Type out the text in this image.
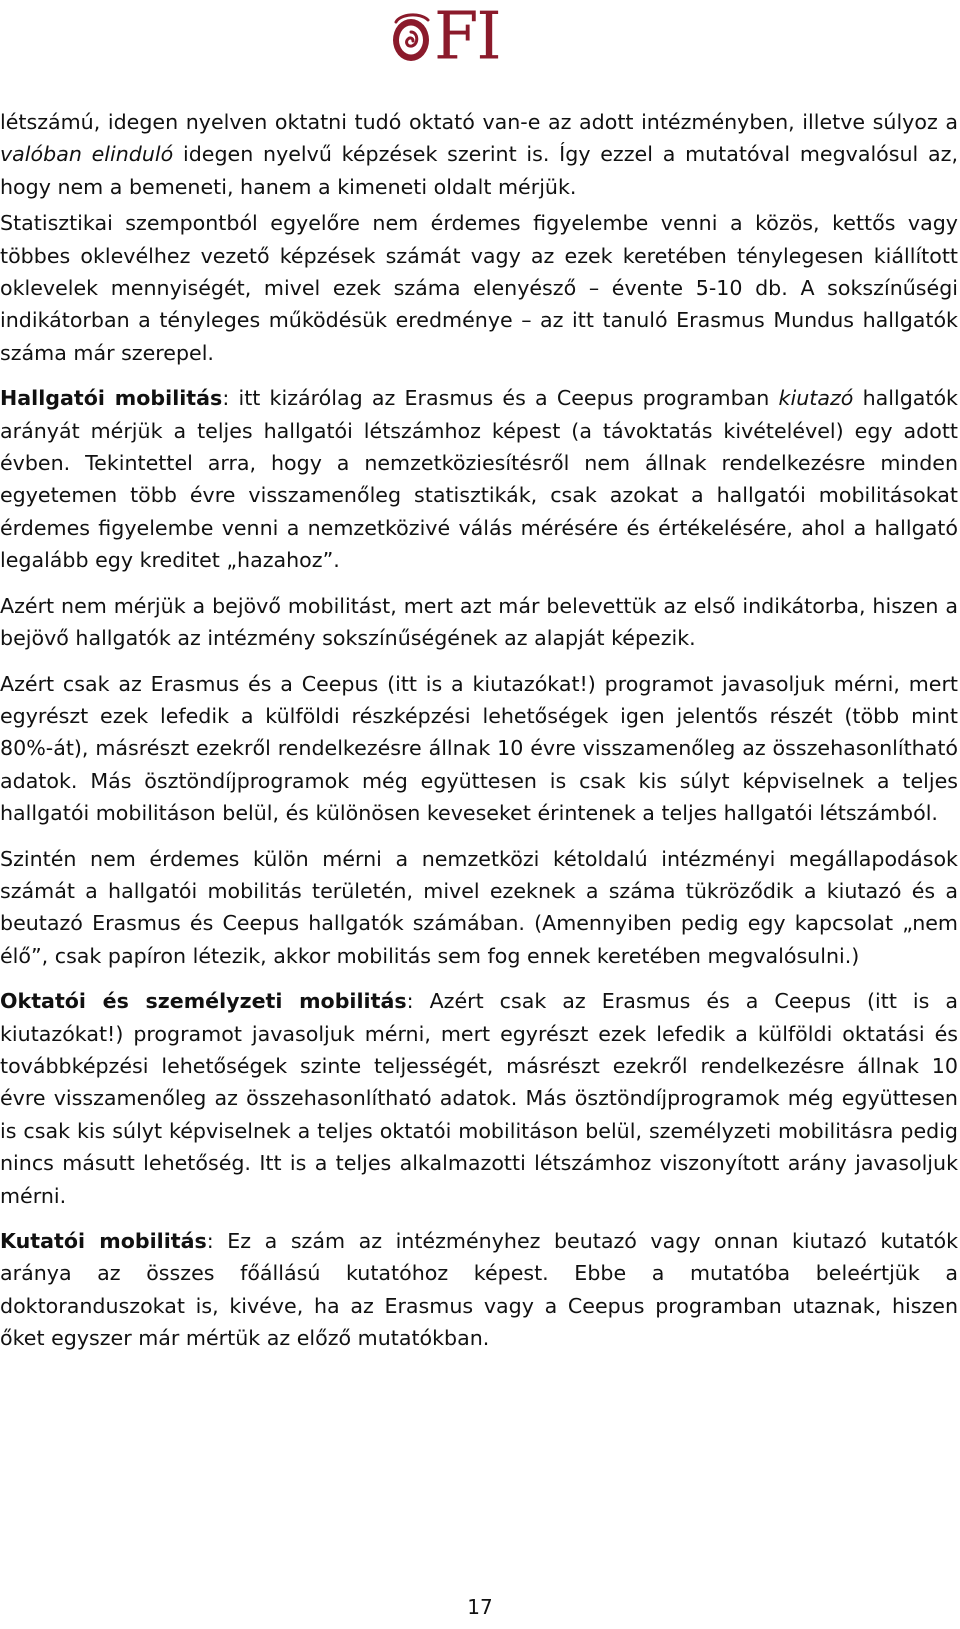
FI

létszámú, idegen nyelven oktatni tudó oktató van-e az adott intézményben, illetve súlyoz a valóban elinduló idegen nyelvű képzések szerint is. Így ezzel a mutatóval megvalósul az, hogy nem a bemeneti, hanem a kimeneti oldalt mérjük.

Statisztikai szempontból egyelőre nem érdemes figyelembe venni a közös, kettős vagy többes oklevélhez vezető képzések számát vagy az ezek keretében ténylegesen kiállított oklevelek mennyiségét, mivel ezek száma elenyésző – évente 5-10 db. A sokszínűségi indikátorban a tényleges működésük eredménye – az itt tanuló Erasmus Mundus hallgatók száma már szerepel.

Hallgatói mobilitás: itt kizárólag az Erasmus és a Ceepus programban kiutazó hallgatók arányát mérjük a teljes hallgatói létszámhoz képest (a távoktatás kivételével) egy adott évben. Tekintettel arra, hogy a nemzetköziesítésről nem állnak rendelkezésre minden egyetemen több évre visszamenőleg statisztikák, csak azokat a hallgatói mobilitásokat érdemes figyelembe venni a nemzetközivé válás mérésére és értékelésére, ahol a hallgató legalább egy kreditet „hazahoz”.

Azért nem mérjük a bejövő mobilitást, mert azt már belevettük az első indikátorba, hiszen a bejövő hallgatók az intézmény sokszínűségének az alapját képezik.

Azért csak az Erasmus és a Ceepus (itt is a kiutazókat!) programot javasoljuk mérni, mert egyrészt ezek lefedik a külföldi részképzési lehetőségek igen jelentős részét (több mint 80%-át), másrészt ezekről rendelkezésre állnak 10 évre visszamenőleg az összehasonlítható adatok. Más ösztöndíjprogramok még együttesen is csak kis súlyt képviselnek a teljes hallgatói mobilitáson belül, és különösen keveseket érintenek a teljes hallgatói létszámból.

Szintén nem érdemes külön mérni a nemzetközi kétoldalú intézményi megállapodások számát a hallgatói mobilitás területén, mivel ezeknek a száma tükröződik a kiutazó és a beutazó Erasmus és Ceepus hallgatók számában. (Amennyiben pedig egy kapcsolat „nem élő”, csak papíron létezik, akkor mobilitás sem fog ennek keretében megvalósulni.)

Oktatói és személyzeti mobilitás: Azért csak az Erasmus és a Ceepus (itt is a kiutazókat!) programot javasoljuk mérni, mert egyrészt ezek lefedik a külföldi oktatási és továbbképzési lehetőségek szinte teljességét, másrészt ezekről rendelkezésre állnak 10 évre visszamenőleg az összehasonlítható adatok. Más ösztöndíjprogramok még együttesen is csak kis súlyt képviselnek a teljes oktatói mobilitáson belül, személyzeti mobilitásra pedig nincs másutt lehetőség. Itt is a teljes alkalmazotti létszámhoz viszonyított arány javasoljuk mérni.

Kutatói mobilitás: Ez a szám az intézményhez beutazó vagy onnan kiutazó kutatók aránya az összes főállású kutatóhoz képest. Ebbe a mutatóba beleértjük a doktoranduszokat is, kivéve, ha az Erasmus vagy a Ceepus programban utaznak, hiszen őket egyszer már mértük az előző mutatókban.

17
